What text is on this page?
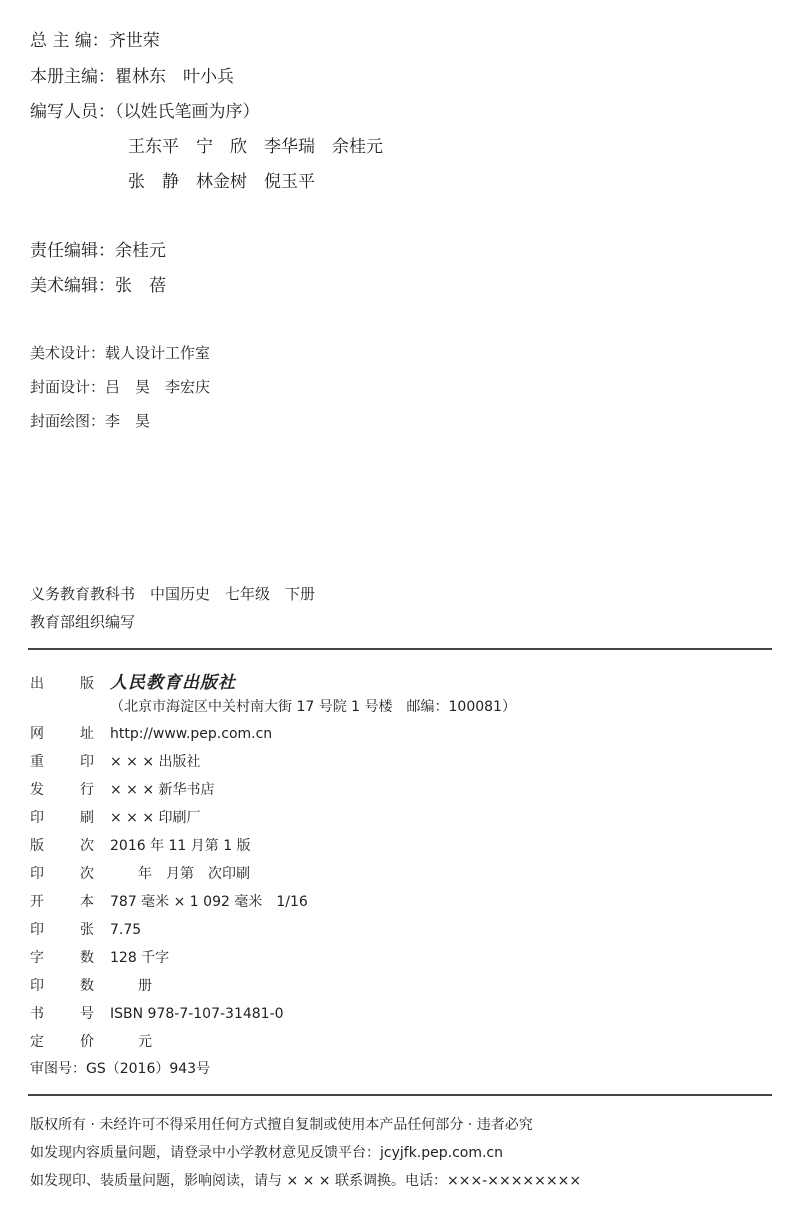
总 主 编：齐世荣
本册主编：瞿林东　叶小兵
编写人员：（以姓氏笔画为序）
王东平　宁　欣　李华瑞　余桂元
张　静　林金树　倪玉平
责任编辑：余桂元
美术编辑：张　蓓
美术设计：载人设计工作室
封面设计：吕　昊　李宏庆
封面绘图：李　昊
义务教育教科书　中国历史　七年级　下册
教育部组织编写
出	版 人民教育出版社
（北京市海淀区中关村南大街 17 号院 1 号楼　邮编：100081）
网	址 http://www.pep.com.cn
重	印 × × × 出版社
发	行 × × × 新华书店
印	刷 × × × 印刷厂
版	次 2016 年 11 月第 1 版
印	次　　年　月第　次印刷
开	本 787 毫米 × 1 092 毫米　1/16
印	张 7.75
字	数 128 千字
印	数　　册
书	号 ISBN 978-7-107-31481-0
定	价　　元
审图号：GS（2016）943号
版权所有 · 未经许可不得采用任何方式擅自复制或使用本产品任何部分 · 违者必究
如发现内容质量问题，请登录中小学教材意见反馈平台：jcyjfk.pep.com.cn
如发现印、装质量问题，影响阅读，请与 × × × 联系调换。电话：×××-××××××××
